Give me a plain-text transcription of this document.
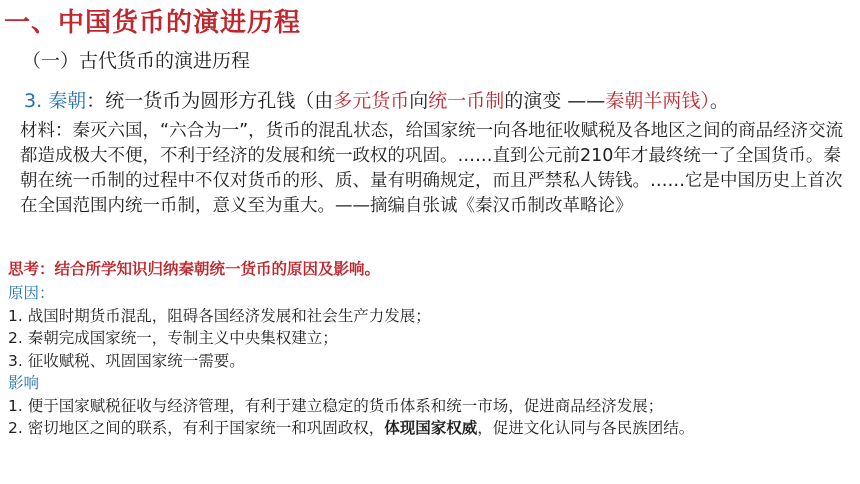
一、中国货币的演进历程
（一）古代货币的演进历程
3. 秦朝：统一货币为圆形方孔钱（由多元货币向统一币制的演变 ——秦朝半两钱）。
材料：秦灭六国，“六合为一”，货币的混乱状态，给国家统一向各地征收赋税及各地区之间的商品经济交流都造成极大不便，不利于经济的发展和统一政权的巩固。……直到公元前210年才最终统一了全国货币。秦朝在统一币制的过程中不仅对货币的形、质、量有明确规定，而且严禁私人铸钱。……它是中国历史上首次在全国范围内统一币制，意义至为重大。——摘编自张诚《秦汉币制改革略论》
思考：结合所学知识归纳秦朝统一货币的原因及影响。
原因：
1. 战国时期货币混乱，阻碍各国经济发展和社会生产力发展；
2. 秦朝完成国家统一，专制主义中央集权建立；
3. 征收赋税、巩固国家统一需要。
影响
1. 便于国家赋税征收与经济管理，有利于建立稳定的货币体系和统一市场，促进商品经济发展；
2. 密切地区之间的联系，有利于国家统一和巩固政权，体现国家权威，促进文化认同与各民族团结。
